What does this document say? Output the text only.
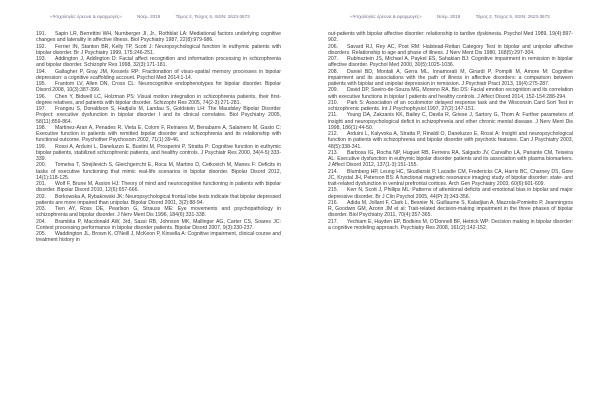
«Ψυχολογία: έρευνα & εφαρμογές»	Νοέμ. 2019	Τόμος 2, Τεύχος 5, ISSN: 2623-3673

191. Sapin LR, Berrettini WH, Nurnberger JI, Jr., Rothblat LA: Mediational factors underlying cognitive changes and laterality in affective illness. Biol Psychiatry 1987, 22(8):979-986.

192. Ferrier IN, Stanton BR, Kelly TP, Scott J: Neuropsychological function in euthymic patients with bipolar disorder. Br J Psychiatry 1999, 175:246-251.

193. Addington J, Addington D: Facial affect recognition and information processing in schizophrenia and bipolar disorder. Schizophr Res 1998, 32(3):171-181.

194. Gallagher P, Gray JM, Kessels RP: Fractionation of visuo-spatial memory processes in bipolar depression: a cognitive scaffolding account. Psychol Med 2014:1-14.

195. Frantom LV, Allen DN, Cross CL: Neurocognitive endophenotypes for bipolar disorder. Bipolar Disord 2008, 10(3):387-399.

196. Chen Y, Bidwell LC, Holzman PS: Visual motion integration in schizophrenia patients, their first-degree relatives, and patients with bipolar disorder. Schizophr Res 2005, 74(2-3):271-281.

197. Frangou S, Donaldson S, Hadjulis M, Landau S, Goldstein LH: The Maudsley Bipolar Disorder Project: executive dysfunction in bipolar disorder I and its clinical correlates. Biol Psychiatry 2005, 58(11):859-864.

198. Martinez-Aran A, Penades R, Vieta E, Colom F, Reinares M, Benabarre A, Salamero M, Gasto C: Executive function in patients with remitted bipolar disorder and schizophrenia and its relationship with functional outcome. Psychother Psychosom 2002, 71(1):39-46.

199. Rossi A, Arduini L, Daneluzzo E, Bustini M, Prosperini P, Stratta P: Cognitive function in euthymic bipolar patients, stabilized schizophrenic patients, and healthy controls. J Psychiatr Res 2000, 34(4-5):333-339.

200. Tomelva T, Strejilevich S, Gleichgerrcht E, Roca M, Martino D, Cetkovich M, Manes F: Deficits in tasks of executive functioning that mimic real-life scenarios in bipolar disorder. Bipolar Disord 2012, 14(1):118-125.

201. Wolf F, Brune M, Assion HJ: Theory of mind and neurocognitive functioning in patients with bipolar disorder. Bipolar Disord 2010, 12(6):657-666.

202. Borkowska A, Rybakowski JK: Neuropsychological frontal lobe tests indicate that bipolar depressed patients are more impaired than unipolar. Bipolar Disord 2001, 3(2):88-94.

203. Tien AY, Ross DE, Pearlson G, Strauss ME: Eye movements and psychopathology in schizophrenia and bipolar disorder. J Nerv Ment Dis 1996, 184(6):331-338.

204. Bramblia P, Macdonald AW, 3rd, Sassi RB, Johnson MK, Mallinger AG, Carter CS, Soares JC: Context processing performance in bipolar disorder patients. Bipolar Disord 2007, 9(3):230-237.

205. Waddington JL, Brown K, O'Neill J, McKeon P, Kinsella A: Cognitive impairment, clinical course and treatment history in

«Ψυχολογία: έρευνα & εφαρμογές»	Νοέμ. 2019	Τόμος 2, Τεύχος 5, ISSN: 2623-3673

out-patients with bipolar affective disorder: relationship to tardive dyskinesia. Psychol Med 1989, 19(4):897-902.

206. Savard RJ, Rey AC, Post RM: Halstead-Reitan Category Test in bipolar and unipolar affective disorders. Relationship to age and phase of illness. J Nerv Ment Dis 1980, 168(5):297-304.

207. Rubinsztein JS, Michael A, Paykel ES, Sahakian BJ: Cognitive impairment in remission in bipolar affective disorder. Psychol Med 2000, 30(5):1025-1036.

208. Daniel BD, Montali A, Gerra ML, Innamorati M, Girardi P, Pompili M, Amore M: Cognitive impairment and its associations with the path of illness in affective disorders: a comparison between patients with bipolar and unipolar depression in remission. J Psychiatr Pract 2013, 19(4):275-287.

209. David DP, Soeiro-de-Souza MG, Moreno RA, Bio DS: Facial emotion recognition and its correlation with executive functions in bipolar I patients and healthy controls. J Affect Disord 2014, 152-154:288-294.

210. Park S: Association of an oculomotor delayed response task and the Wisconsin Card Sort Test in schizophrenic patients. Int J Psychophysiol 1997, 27(2):147-151.

211. Young DA, Zakzanis KK, Bailey C, Davila R, Griese J, Sartory G, Thom A: Further parameters of insight and neuropsychological deficit in schizophrenia and other chronic mental disease. J Nerv Ment Dis 1998, 186(1):44-50.

212. Arduini L, Kalyvoka A, Stratta P, Rinaldi O, Daneluzzo E, Rossi A: Insight and neuropsychological function in patients with schizophrenia and bipolar disorder with psychotic features. Can J Psychiatry 2003, 48(5):338-341.

213. Barbosa IG, Rocha NP, Huguet RB, Ferreira RA, Salgado JV, Carvalho LA, Pariante CM, Teixeira AL: Executive dysfunction in euthymic bipolar disorder patients and its association with plasma biomarkers. J Affect Disord 2012, 137(1-3):151-155.

214. Blumberg HP, Leung HC, Skudlarski P, Lacadie CM, Fredericks CA, Harris BC, Charney DS, Gore JC, Krystal JH, Peterson BS: A functional magnetic resonance imaging study of bipolar disorder: state- and trait-related dysfunction in ventral prefrontal cortices. Arch Gen Psychiatry 2003, 60(6):601-609.

215. Kerr N, Scott J, Phillips ML: Patterns of attentional deficits and emotional bias in bipolar and major depressive disorder. Br J Clin Psychol 2005, 44(Pt 3):343-356.

216. Adida M, Jollant F, Clark L, Besnier N, Guillaume S, Kaladjian A, Mazzola-Pomietto P, Jeanningros R, Goodwin GM, Azorin JM et al: Trait-related decision-making impairment in the three phases of bipolar disorder. Biol Psychiatry 2011, 70(4):357-365.

217. Yechiam E, Hayden EP, Bodkins M, O'Donnell BF, Hetrick WP: Decision making in bipolar disorder: a cognitive modeling approach. Psychiatry Res 2008, 161(2):142-152.
